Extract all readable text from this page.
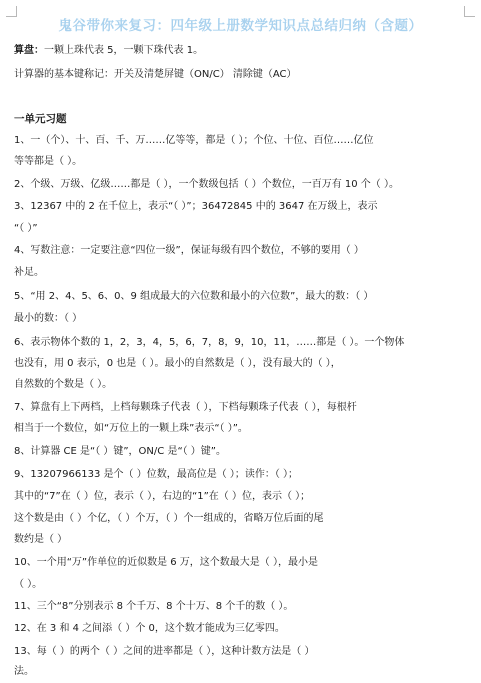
鬼谷带你来复习：四年级上册数学知识点总结归纳（含题）
算盘：一颗上珠代表 5，一颗下珠代表 1。
计算器的基本键称记：开关及清楚屏键（ON/C） 清除键（AC）
一单元习题
1、一（个）、十、百、千、万……亿等等，都是（ ）；个位、十位、百位……亿位
等等都是（ ）。
2、个级、万级、亿级……都是（ ），一个数级包括（ ）个数位，一百万有 10 个（ ）。
3、12367 中的 2 在千位上，表示“（ ）”；36472845 中的 3647 在万级上，表示
“（ ）”
4、写数注意：一定要注意“四位一级”，保证每级有四个数位，不够的要用（ ）
补足。
5、“用 2、4、5、6、0、9 组成最大的六位数和最小的六位数”，最大的数：（ ）
最小的数：（ ）
6、表示物体个数的 1，2，3，4，5，6，7，8，9，10，11，……都是（ ）。一个物体
也没有，用 0 表示，0 也是（ ）。最小的自然数是（ ），没有最大的（ ），
自然数的个数是（ ）。
7、算盘有上下两档，上档每颗珠子代表（ ），下档每颗珠子代表（ ），每根杆
相当于一个数位，如“万位上的一颗上珠”表示“（ ）”。
8、计算器 CE 是“（ ）键”，ON/C 是“（ ）键”。
9、13207966133 是个（ ）位数，最高位是（ ）；读作：（ ）；
其中的“7”在（ ）位，表示（ ），右边的“1”在（ ）位，表示（ ）；
这个数是由（ ）个亿，（ ）个万，（ ）个一组成的，省略万位后面的尾
数约是（ ）
10、一个用“万”作单位的近似数是 6 万，这个数最大是（ ），最小是
（ ）。
11、三个“8”分别表示 8 个千万、8 个十万、8 个千的数（ ）。
12、在 3 和 4 之间添（ ）个 0，这个数才能成为三亿零四。
13、每（ ）的两个（ ）之间的进率都是（ ），这种计数方法是（ ）
法。
